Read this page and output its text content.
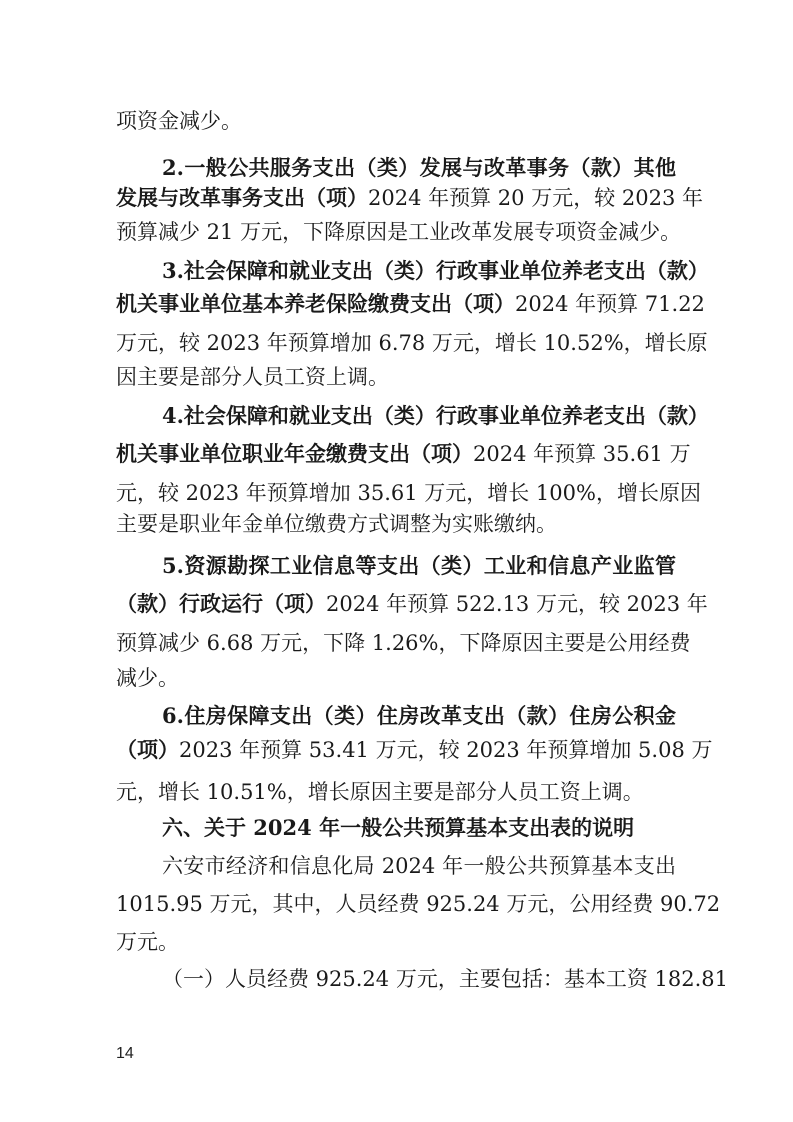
项资金减少。
2.一般公共服务支出（类）发展与改革事务（款）其他
发展与改革事务支出（项）2024 年预算 20 万元，较 2023 年
预算减少 21 万元，下降原因是工业改革发展专项资金减少。
3.社会保障和就业支出（类）行政事业单位养老支出（款）
机关事业单位基本养老保险缴费支出（项）2024 年预算 71.22
万元，较 2023 年预算增加 6.78 万元，增长 10.52%，增长原
因主要是部分人员工资上调。
4.社会保障和就业支出（类）行政事业单位养老支出（款）
机关事业单位职业年金缴费支出（项）2024 年预算 35.61 万
元，较 2023 年预算增加 35.61 万元，增长 100%，增长原因
主要是职业年金单位缴费方式调整为实账缴纳。
5.资源勘探工业信息等支出（类）工业和信息产业监管
（款）行政运行（项）2024 年预算 522.13 万元，较 2023 年
预算减少 6.68 万元，下降 1.26%，下降原因主要是公用经费
减少。
6.住房保障支出（类）住房改革支出（款）住房公积金
（项）2023 年预算 53.41 万元，较 2023 年预算增加 5.08 万
元，增长 10.51%，增长原因主要是部分人员工资上调。
六、关于 2024 年一般公共预算基本支出表的说明
六安市经济和信息化局 2024 年一般公共预算基本支出
1015.95 万元，其中，人员经费 925.24 万元，公用经费 90.72
万元。
（一）人员经费 925.24 万元，主要包括：基本工资 182.81
14
